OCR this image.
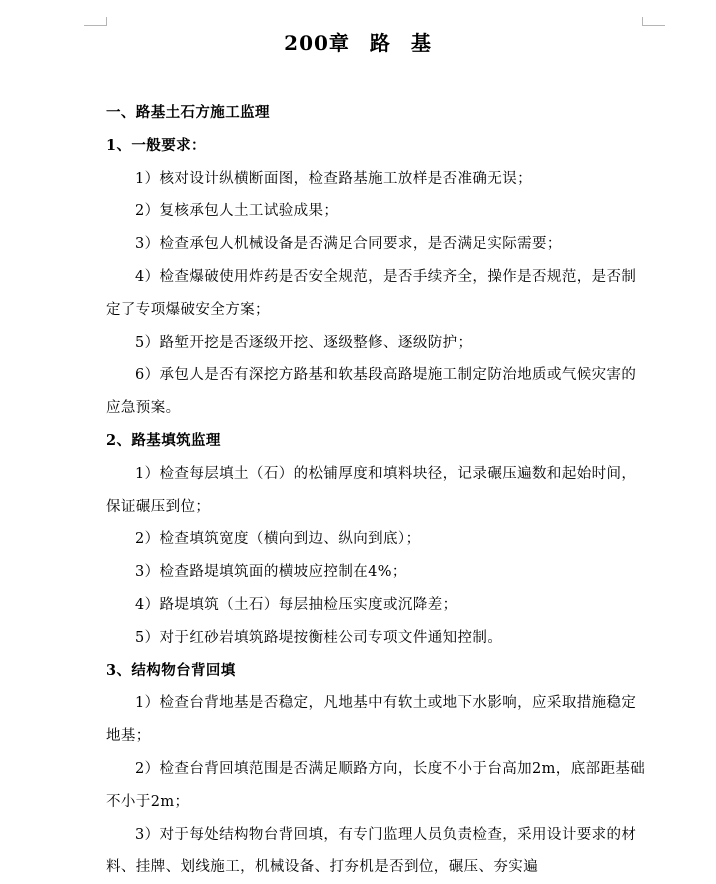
200章 路 基
一、路基土石方施工监理
1、一般要求：
1）核对设计纵横断面图，检查路基施工放样是否准确无误；
2）复核承包人土工试验成果；
3）检查承包人机械设备是否满足合同要求，是否满足实际需要；
4）检查爆破使用炸药是否安全规范，是否手续齐全，操作是否规范，是否制定了专项爆破安全方案；
5）路堑开挖是否逐级开挖、逐级整修、逐级防护；
6）承包人是否有深挖方路基和软基段高路堤施工制定防治地质或气候灾害的应急预案。
2、路基填筑监理
1）检查每层填土（石）的松铺厚度和填料块径，记录碾压遍数和起始时间，保证碾压到位；
2）检查填筑宽度（横向到边、纵向到底）；
3）检查路堤填筑面的横坡应控制在4%；
4）路堤填筑（土石）每层抽检压实度或沉降差；
5）对于红砂岩填筑路堤按衡桂公司专项文件通知控制。
3、结构物台背回填
1）检查台背地基是否稳定，凡地基中有软土或地下水影响，应采取措施稳定地基；
2）检查台背回填范围是否满足顺路方向，长度不小于台高加2m，底部距基础不小于2m；
3）对于每处结构物台背回填，有专门监理人员负责检查，采用设计要求的材料、挂牌、划线施工，机械设备、打夯机是否到位，碾压、夯实遍
